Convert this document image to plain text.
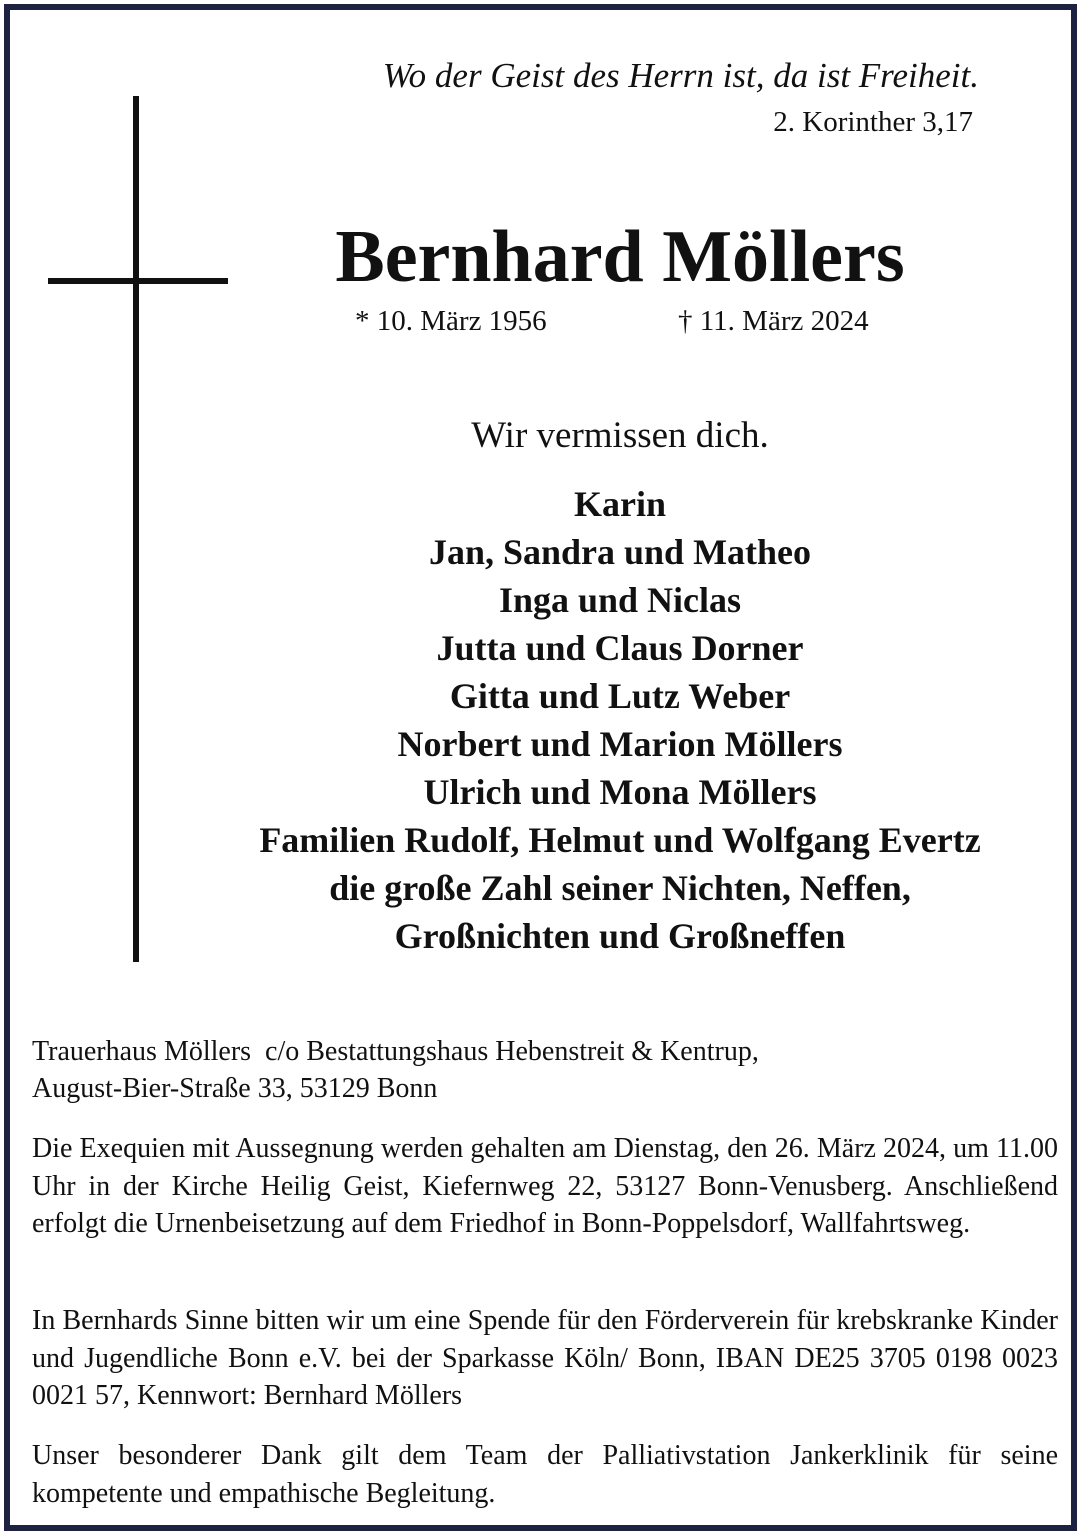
Wo der Geist des Herrn ist, da ist Freiheit.
2. Korinther 3,17
Bernhard Möllers
* 10. März 1956	† 11. März 2024
Wir vermissen dich.
Karin
Jan, Sandra und Matheo
Inga und Niclas
Jutta und Claus Dorner
Gitta und Lutz Weber
Norbert und Marion Möllers
Ulrich und Mona Möllers
Familien Rudolf, Helmut und Wolfgang Evertz
die große Zahl seiner Nichten, Neffen,
Großnichten und Großneffen
Trauerhaus Möllers  c/o Bestattungshaus Hebenstreit & Kentrup,
August-Bier-Straße 33, 53129 Bonn

Die Exequien mit Aussegnung werden gehalten am Dienstag, den 26. März 2024, um 11.00 Uhr in der Kirche Heilig Geist, Kiefernweg 22, 53127 Bonn-Venusberg. Anschließend erfolgt die Urnenbeisetzung auf dem Friedhof in Bonn-Poppelsdorf, Wallfahrtsweg.

In Bernhards Sinne bitten wir um eine Spende für den Förderverein für krebskranke Kinder und Jugendliche Bonn e.V. bei der Sparkasse Köln/ Bonn, IBAN DE25 3705 0198 0023 0021 57, Kennwort: Bernhard Möllers

Unser besonderer Dank gilt dem Team der Palliativstation Jankerklinik für seine kompetente und empathische Begleitung.
